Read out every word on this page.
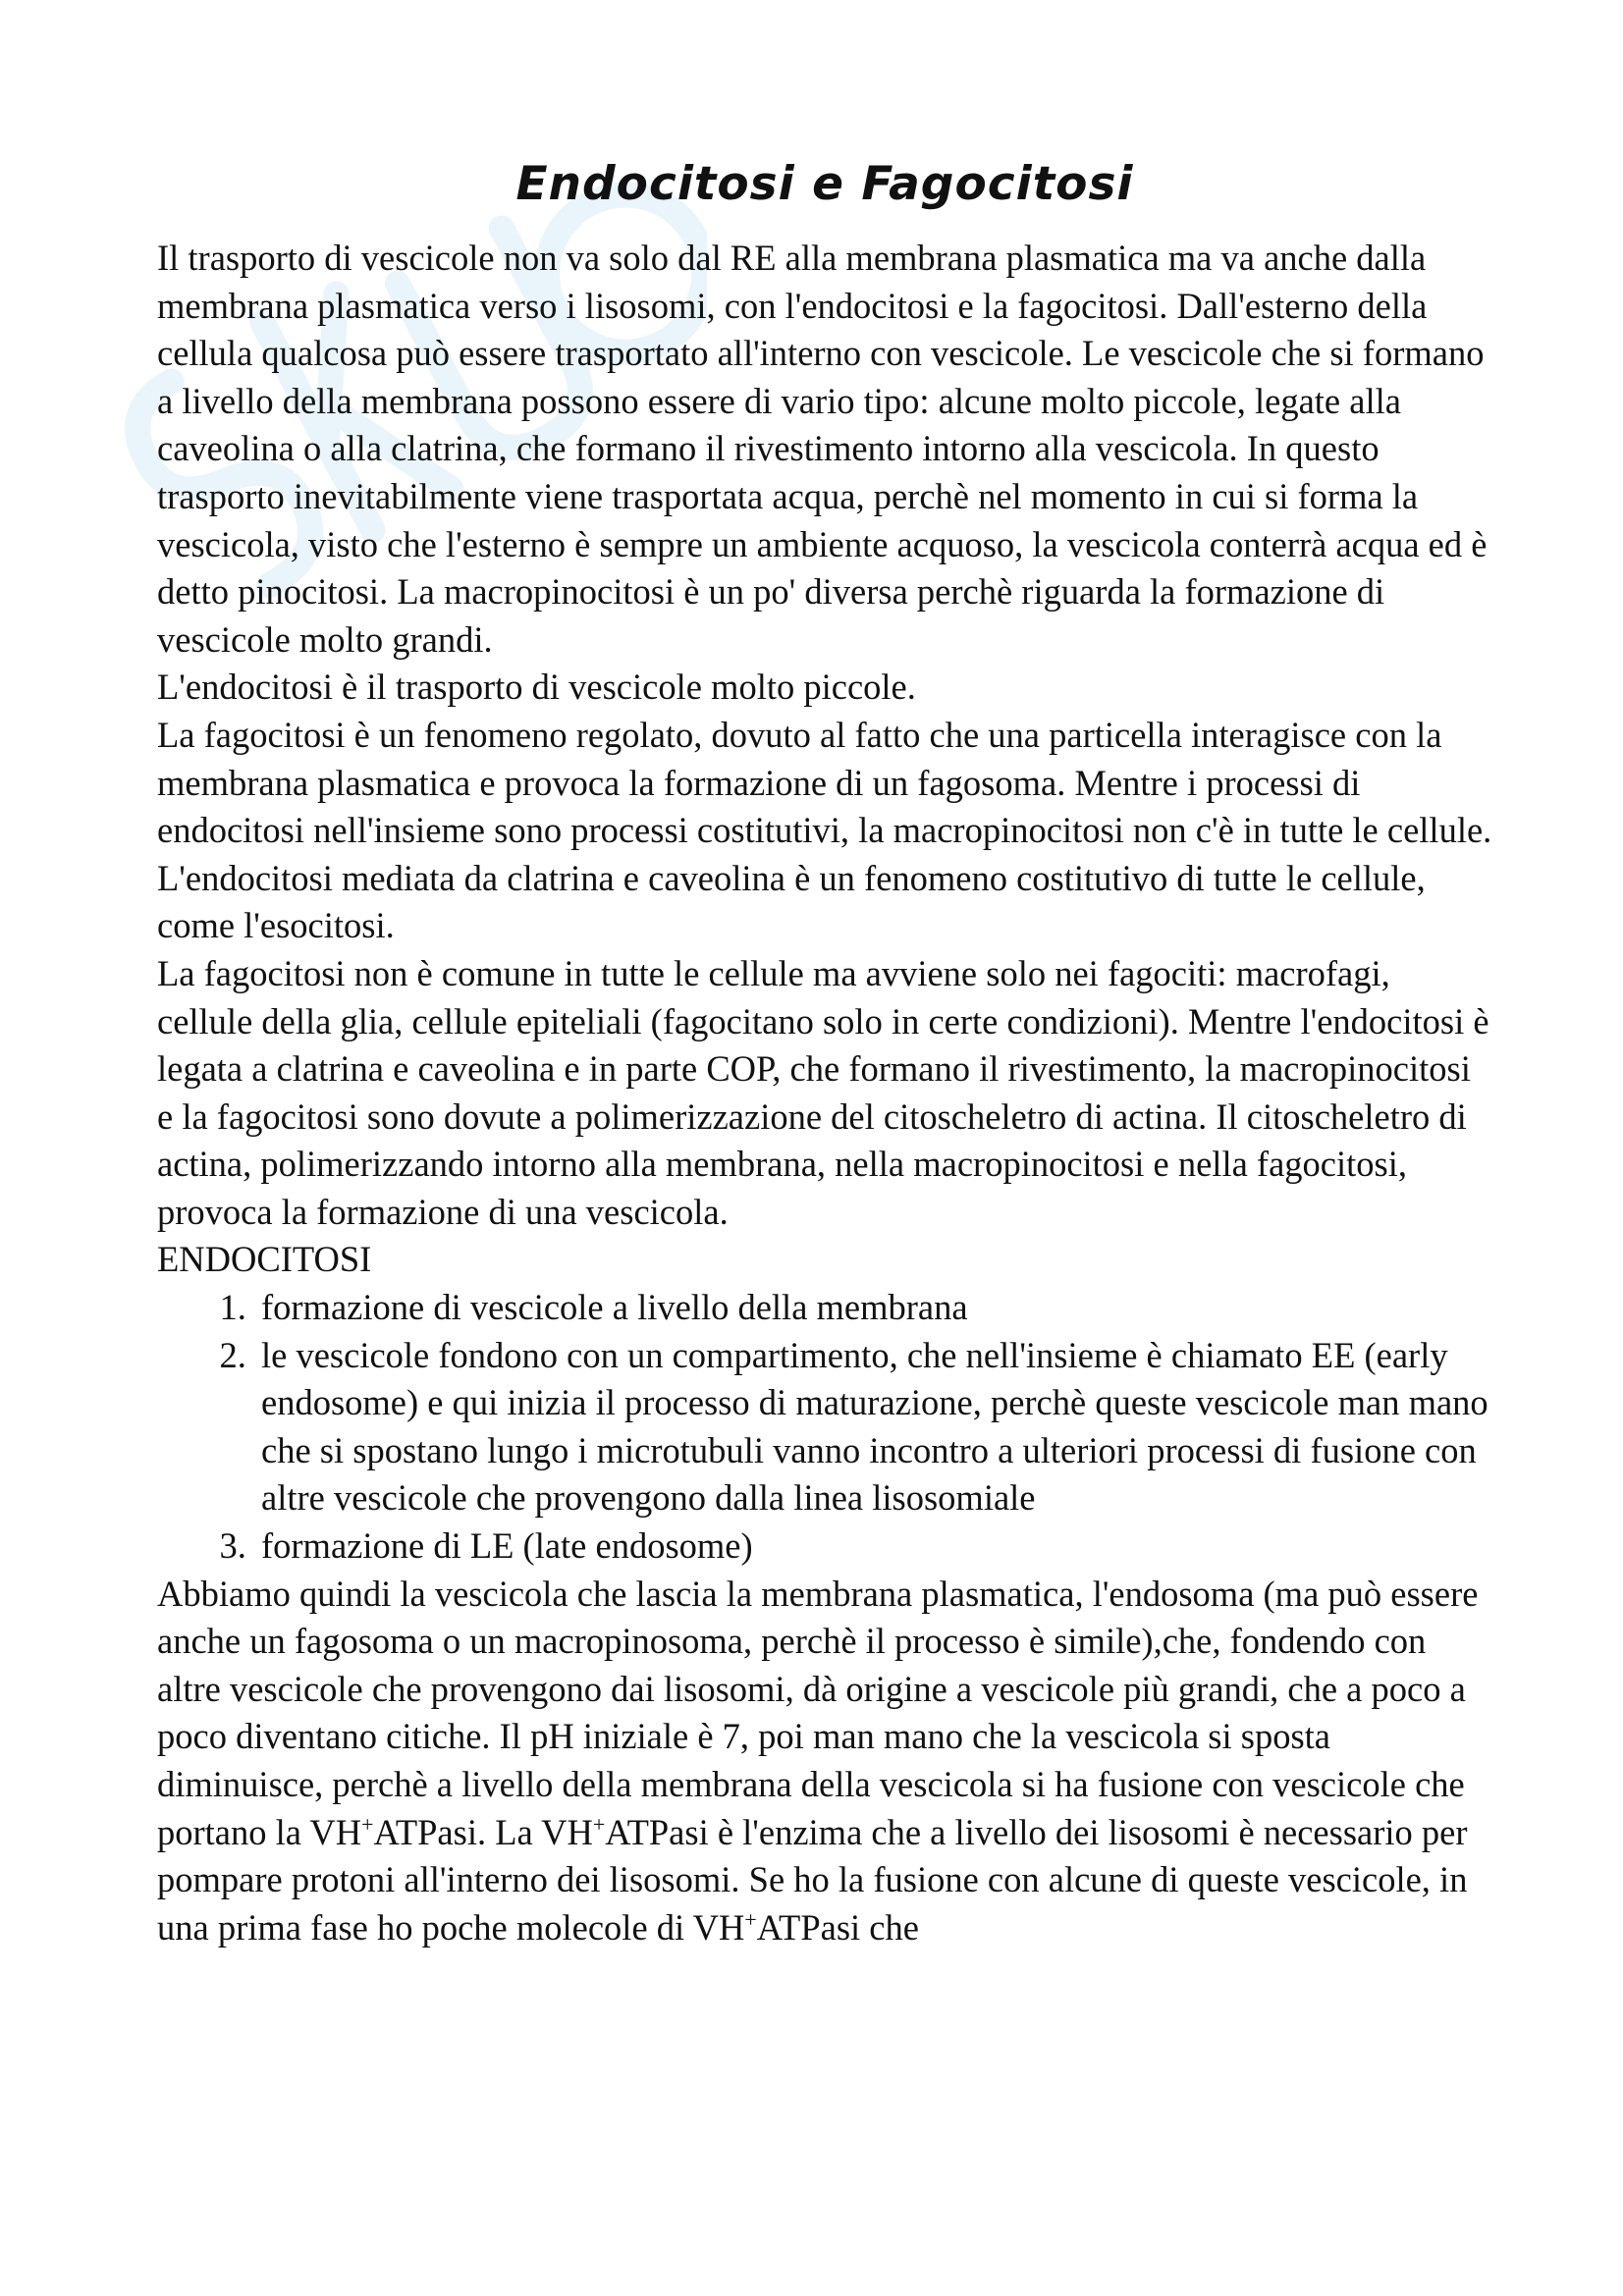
Endocitosi e Fagocitosi

Il trasporto di vescicole non va solo dal RE alla membrana plasmatica ma va anche dalla membrana plasmatica verso i lisosomi, con l'endocitosi e la fagocitosi. Dall'esterno della cellula qualcosa può essere trasportato all'interno con vescicole. Le vescicole che si formano a livello della membrana possono essere di vario tipo: alcune molto piccole, legate alla caveolina o alla clatrina, che formano il rivestimento intorno alla vescicola. In questo trasporto inevitabilmente viene trasportata acqua, perchè nel momento in cui si forma la vescicola, visto che l'esterno è sempre un ambiente acquoso, la vescicola conterrà acqua ed è detto pinocitosi. La macropinocitosi è un po' diversa perchè riguarda la formazione di vescicole molto grandi.

L'endocitosi è il trasporto di vescicole molto piccole.

La fagocitosi è un fenomeno regolato, dovuto al fatto che una particella interagisce con la membrana plasmatica e provoca la formazione di un fagosoma. Mentre i processi di endocitosi nell'insieme sono processi costitutivi, la macropinocitosi non c'è in tutte le cellule. L'endocitosi mediata da clatrina e caveolina è un fenomeno costitutivo di tutte le cellule, come l'esocitosi.

La fagocitosi non è comune in tutte le cellule ma avviene solo nei fagociti: macrofagi, cellule della glia, cellule epiteliali (fagocitano solo in certe condizioni). Mentre l'endocitosi è legata a clatrina e caveolina e in parte COP, che formano il rivestimento, la macropinocitosi e la fagocitosi sono dovute a polimerizzazione del citoscheletro di actina. Il citoscheletro di actina, polimerizzando intorno alla membrana, nella macropinocitosi e nella fagocitosi, provoca la formazione di una vescicola.

ENDOCITOSI

1. formazione di vescicole a livello della membrana
2. le vescicole fondono con un compartimento, che nell'insieme è chiamato EE (early endosome) e qui inizia il processo di maturazione, perchè queste vescicole man mano che si spostano lungo i microtubuli vanno incontro a ulteriori processi di fusione con altre vescicole che provengono dalla linea lisosomiale
3. formazione di LE (late endosome)

Abbiamo quindi la vescicola che lascia la membrana plasmatica, l'endosoma (ma può essere anche un fagosoma o un macropinosoma, perchè il processo è simile),che, fondendo con altre vescicole che provengono dai lisosomi, dà origine a vescicole più grandi, che a poco a poco diventano citiche. Il pH iniziale è 7, poi man mano che la vescicola si sposta diminuisce, perchè a livello della membrana della vescicola si ha fusione con vescicole che portano la VH+ATPasi. La VH+ATPasi è l'enzima che a livello dei lisosomi è necessario per pompare protoni all'interno dei lisosomi. Se ho la fusione con alcune di queste vescicole, in una prima fase ho poche molecole di VH+ATPasi che
